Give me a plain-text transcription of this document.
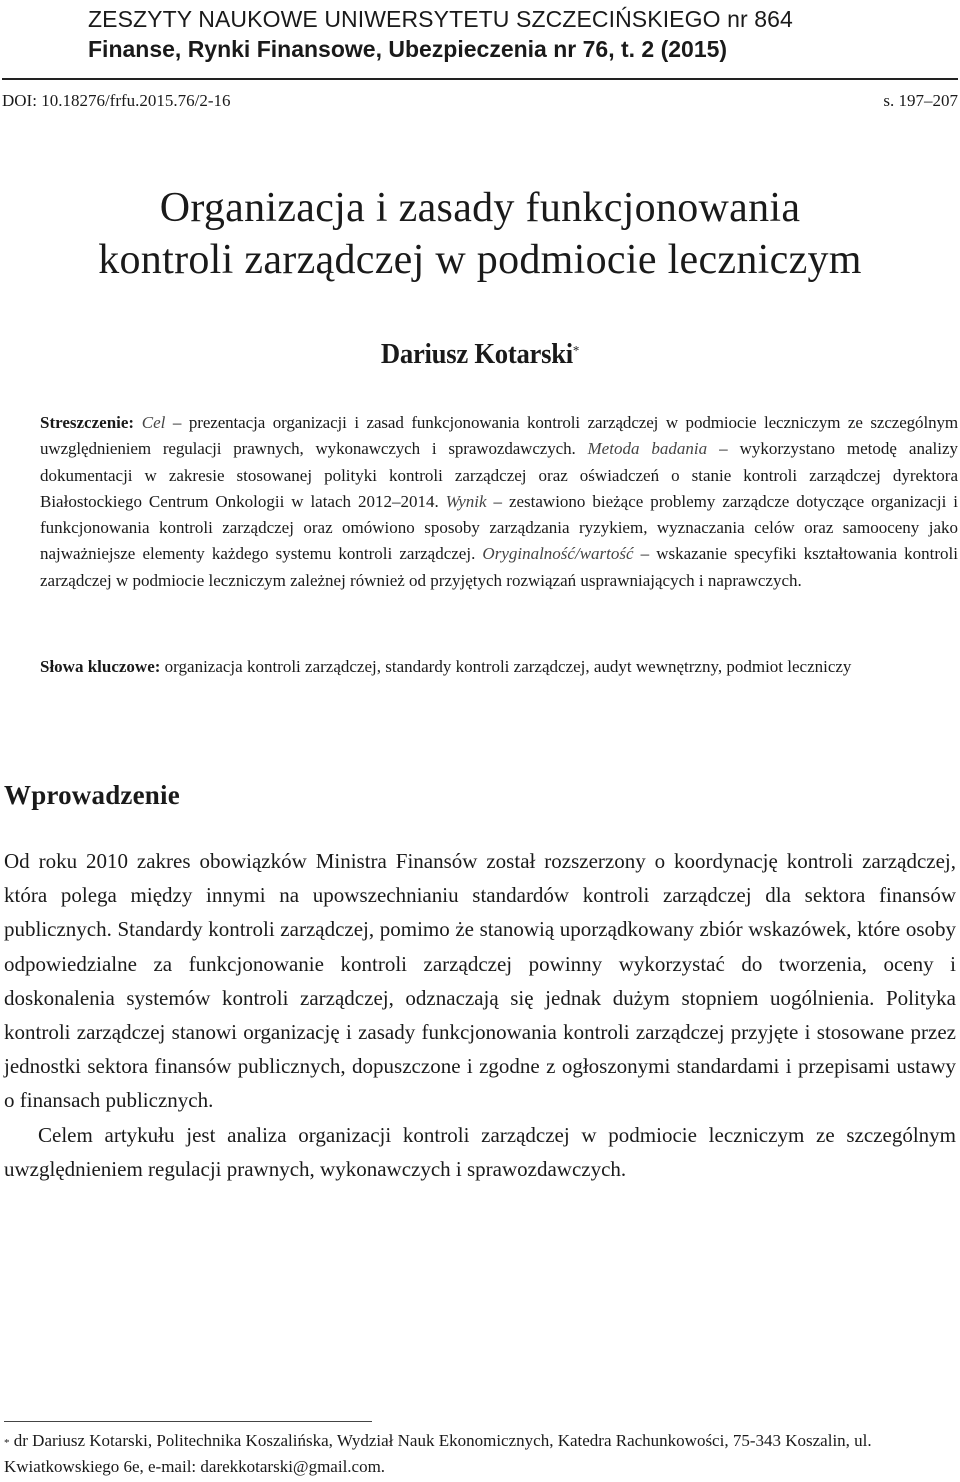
ZESZYTY NAUKOWE UNIWERSYTETU SZCZECIŃSKIEGO nr 864
Finanse, Rynki Finansowe, Ubezpieczenia nr 76, t. 2 (2015)
DOI: 10.18276/frfu.2015.76/2-16	s. 197–207
Organizacja i zasady funkcjonowania
kontroli zarządczej w podmiocie leczniczym
Dariusz Kotarski*
Streszczenie: Cel – prezentacja organizacji i zasad funkcjonowania kontroli zarządczej w podmiocie leczniczym ze szczególnym uwzględnieniem regulacji prawnych, wykonawczych i sprawozdawczych. Metoda badania – wykorzystano metodę analizy dokumentacji w zakresie stosowanej polityki kontroli zarządczej oraz oświadczeń o stanie kontroli zarządczej dyrektora Białostockiego Centrum Onkologii w latach 2012–2014. Wynik – zestawiono bieżące problemy zarządcze dotyczące organizacji i funkcjonowania kontroli zarządczej oraz omówiono sposoby zarządzania ryzykiem, wyznaczania celów oraz samooceny jako najważniejsze elementy każdego systemu kontroli zarządczej. Oryginalność/wartość – wskazanie specyfiki kształtowania kontroli zarządczej w podmiocie leczniczym zależnej również od przyjętych rozwiązań usprawniających i naprawczych.
Słowa kluczowe: organizacja kontroli zarządczej, standardy kontroli zarządczej, audyt wewnętrzny, podmiot leczniczy
Wprowadzenie

Od roku 2010 zakres obowiązków Ministra Finansów został rozszerzony o koordynację kontroli zarządczej, która polega między innymi na upowszechnianiu standardów kontroli zarządczej dla sektora finansów publicznych. Standardy kontroli zarządczej, pomimo że stanowią uporządkowany zbiór wskazówek, które osoby odpowiedzialne za funkcjonowanie kontroli zarządczej powinny wykorzystać do tworzenia, oceny i doskonalenia systemów kontroli zarządczej, odznaczają się jednak dużym stopniem uogólnienia. Polityka kontroli zarządczej stanowi organizację i zasady funkcjonowania kontroli zarządczej przyjęte i stosowane przez jednostki sektora finansów publicznych, dopuszczone i zgodne z ogłoszonymi standardami i przepisami ustawy o finansach publicznych.

Celem artykułu jest analiza organizacji kontroli zarządczej w podmiocie leczniczym ze szczególnym uwzględnieniem regulacji prawnych, wykonawczych i sprawozdawczych.

* dr Dariusz Kotarski, Politechnika Koszalińska, Wydział Nauk Ekonomicznych, Katedra Rachunkowości, 75-343 Koszalin, ul. Kwiatkowskiego 6e, e-mail: darekkotarski@gmail.com.
